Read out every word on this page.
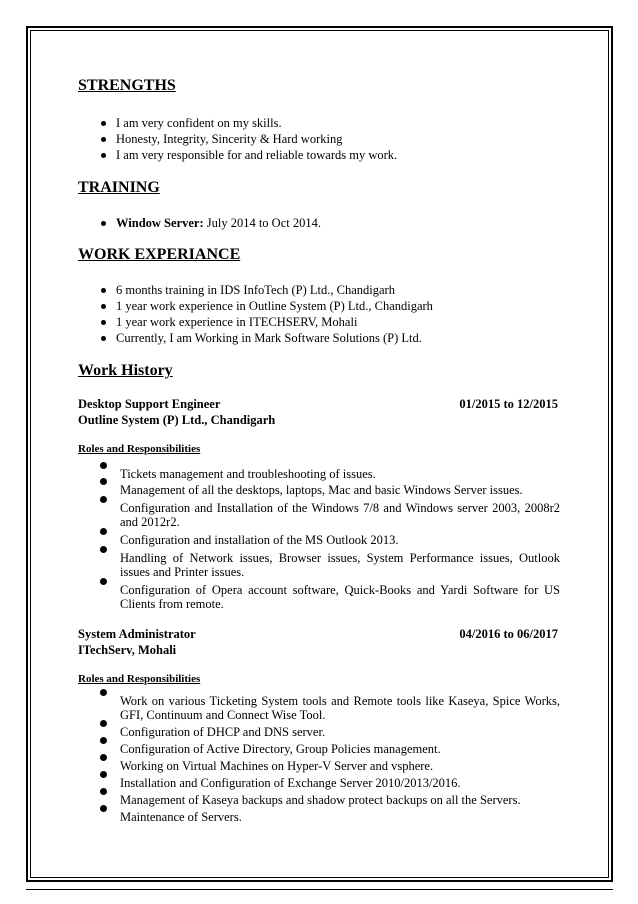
STRENGTHS
I am very confident on my skills.
Honesty, Integrity, Sincerity & Hard working
I am very responsible for and reliable towards my work.
TRAINING
Window Server: July 2014 to Oct 2014.
WORK EXPERIANCE
6 months training in IDS InfoTech (P) Ltd., Chandigarh
1 year work experience in Outline System (P) Ltd., Chandigarh
1 year work experience in ITECHSERV, Mohali
Currently, I am Working in Mark Software Solutions (P) Ltd.
Work History
Desktop Support Engineer	01/2015 to 12/2015
Outline System (P) Ltd., Chandigarh
Roles and Responsibilities
Tickets management and troubleshooting of issues.
Management of all the desktops, laptops, Mac and basic Windows Server issues.
Configuration and Installation of the Windows 7/8 and Windows server 2003, 2008r2 and 2012r2.
Configuration and installation of the MS Outlook 2013.
Handling of Network issues, Browser issues, System Performance issues, Outlook issues and Printer issues.
Configuration of Opera account software, Quick-Books and Yardi Software for US Clients from remote.
System Administrator	04/2016 to 06/2017
ITechServ, Mohali
Roles and Responsibilities
Work on various Ticketing System tools and Remote tools like Kaseya, Spice Works, GFI, Continuum and Connect Wise Tool.
Configuration of DHCP and DNS server.
Configuration of Active Directory, Group Policies management.
Working on Virtual Machines on Hyper-V Server and vsphere.
Installation and Configuration of Exchange Server 2010/2013/2016.
Management of Kaseya backups and shadow protect backups on all the Servers.
Maintenance of Servers.
